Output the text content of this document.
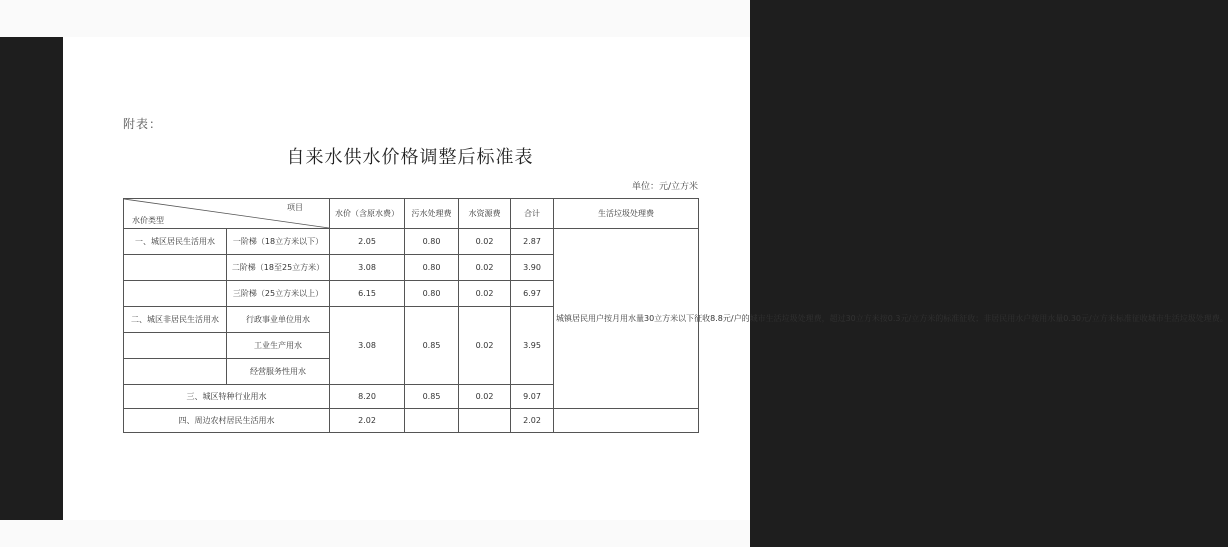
附表：
自来水供水价格调整后标准表
单位：元/立方米
项目
水价类型		水价（含原水费）	污水处理费	水资源费	合计	生活垃圾处理费
一、城区居民生活用水	一阶梯（18立方米以下）	2.05	0.80	0.02	2.87	城镇居民用户按月用水量30立方米以下征收8.8元/户的城市生活垃圾处理费，超过30立方米按0.3元/立方米的标准征收；非居民用水户按用水量0.30元/立方米标准征收城市生活垃圾处理费。
	二阶梯（18至25立方米）	3.08	0.80	0.02	3.90	
	三阶梯（25立方米以上）	6.15	0.80	0.02	6.97	
二、城区非居民生活用水	行政事业单位用水	3.08	0.85	0.02	3.95	
	工业生产用水					
	经营服务性用水					
三、城区特种行业用水		8.20	0.85	0.02	9.07	
四、周边农村居民生活用水		2.02			2.02	
